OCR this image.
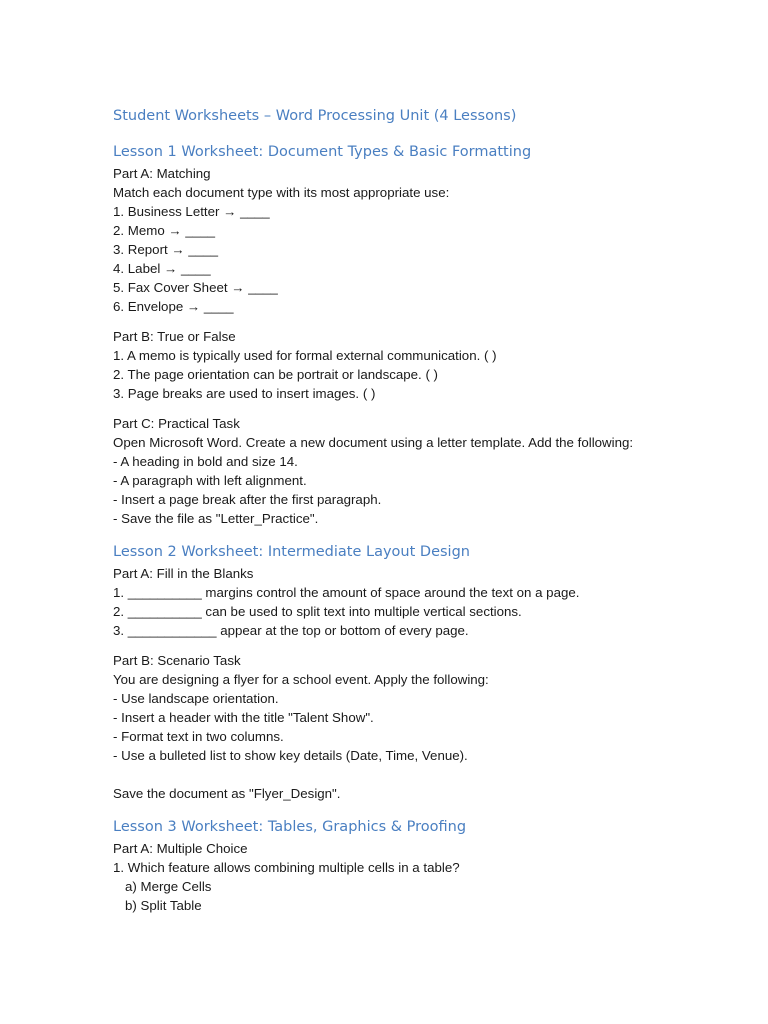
Student Worksheets – Word Processing Unit (4 Lessons)
Lesson 1 Worksheet: Document Types & Basic Formatting

Part A: Matching

Match each document type with its most appropriate use:

1. Business Letter → ____

2. Memo → ____

3. Report → ____

4. Label → ____

5. Fax Cover Sheet → ____

6. Envelope → ____

Part B: True or False

1. A memo is typically used for formal external communication. ( )

2. The page orientation can be portrait or landscape. ( )

3. Page breaks are used to insert images. ( )

Part C: Practical Task

Open Microsoft Word. Create a new document using a letter template. Add the following:

- A heading in bold and size 14.

- A paragraph with left alignment.

- Insert a page break after the first paragraph.

- Save the file as "Letter_Practice".

Lesson 2 Worksheet: Intermediate Layout Design

Part A: Fill in the Blanks

1. __________ margins control the amount of space around the text on a page.

2. __________ can be used to split text into multiple vertical sections.

3. ____________ appear at the top or bottom of every page.

Part B: Scenario Task

You are designing a flyer for a school event. Apply the following:

- Use landscape orientation.

- Insert a header with the title "Talent Show".

- Format text in two columns.

- Use a bulleted list to show key details (Date, Time, Venue).

Save the document as "Flyer_Design".

Lesson 3 Worksheet: Tables, Graphics & Proofing

Part A: Multiple Choice

1. Which feature allows combining multiple cells in a table?

a) Merge Cells

b) Split Table
